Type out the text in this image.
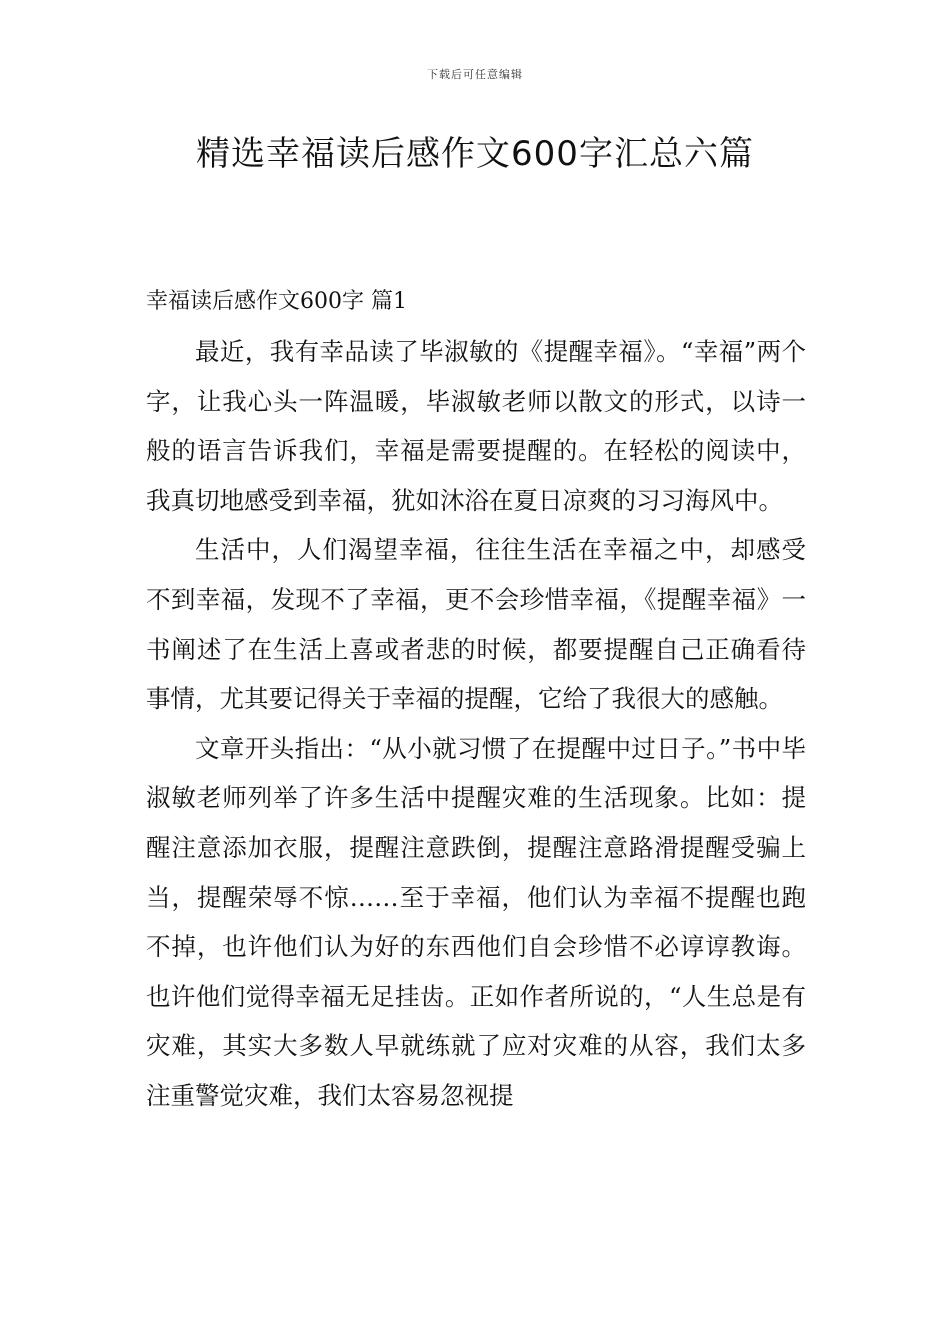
下载后可任意编辑
精选幸福读后感作文600字汇总六篇
幸福读后感作文600字 篇1

最近，我有幸品读了毕淑敏的《提醒幸福》。“幸福”两个字，让我心头一阵温暖，毕淑敏老师以散文的形式，以诗一般的语言告诉我们，幸福是需要提醒的。在轻松的阅读中，我真切地感受到幸福，犹如沐浴在夏日凉爽的习习海风中。

生活中，人们渴望幸福，往往生活在幸福之中，却感受不到幸福，发现不了幸福，更不会珍惜幸福，《提醒幸福》一书阐述了在生活上喜或者悲的时候，都要提醒自己正确看待事情，尤其要记得关于幸福的提醒，它给了我很大的感触。

文章开头指出：“从小就习惯了在提醒中过日子。”书中毕淑敏老师列举了许多生活中提醒灾难的生活现象。比如：提醒注意添加衣服，提醒注意跌倒，提醒注意路滑提醒受骗上当，提醒荣辱不惊……至于幸福，他们认为幸福不提醒也跑不掉，也许他们认为好的东西他们自会珍惜不必谆谆教诲。也许他们觉得幸福无足挂齿。正如作者所说的，“人生总是有灾难，其实大多数人早就练就了应对灾难的从容，我们太多注重警觉灾难，我们太容易忽视提
